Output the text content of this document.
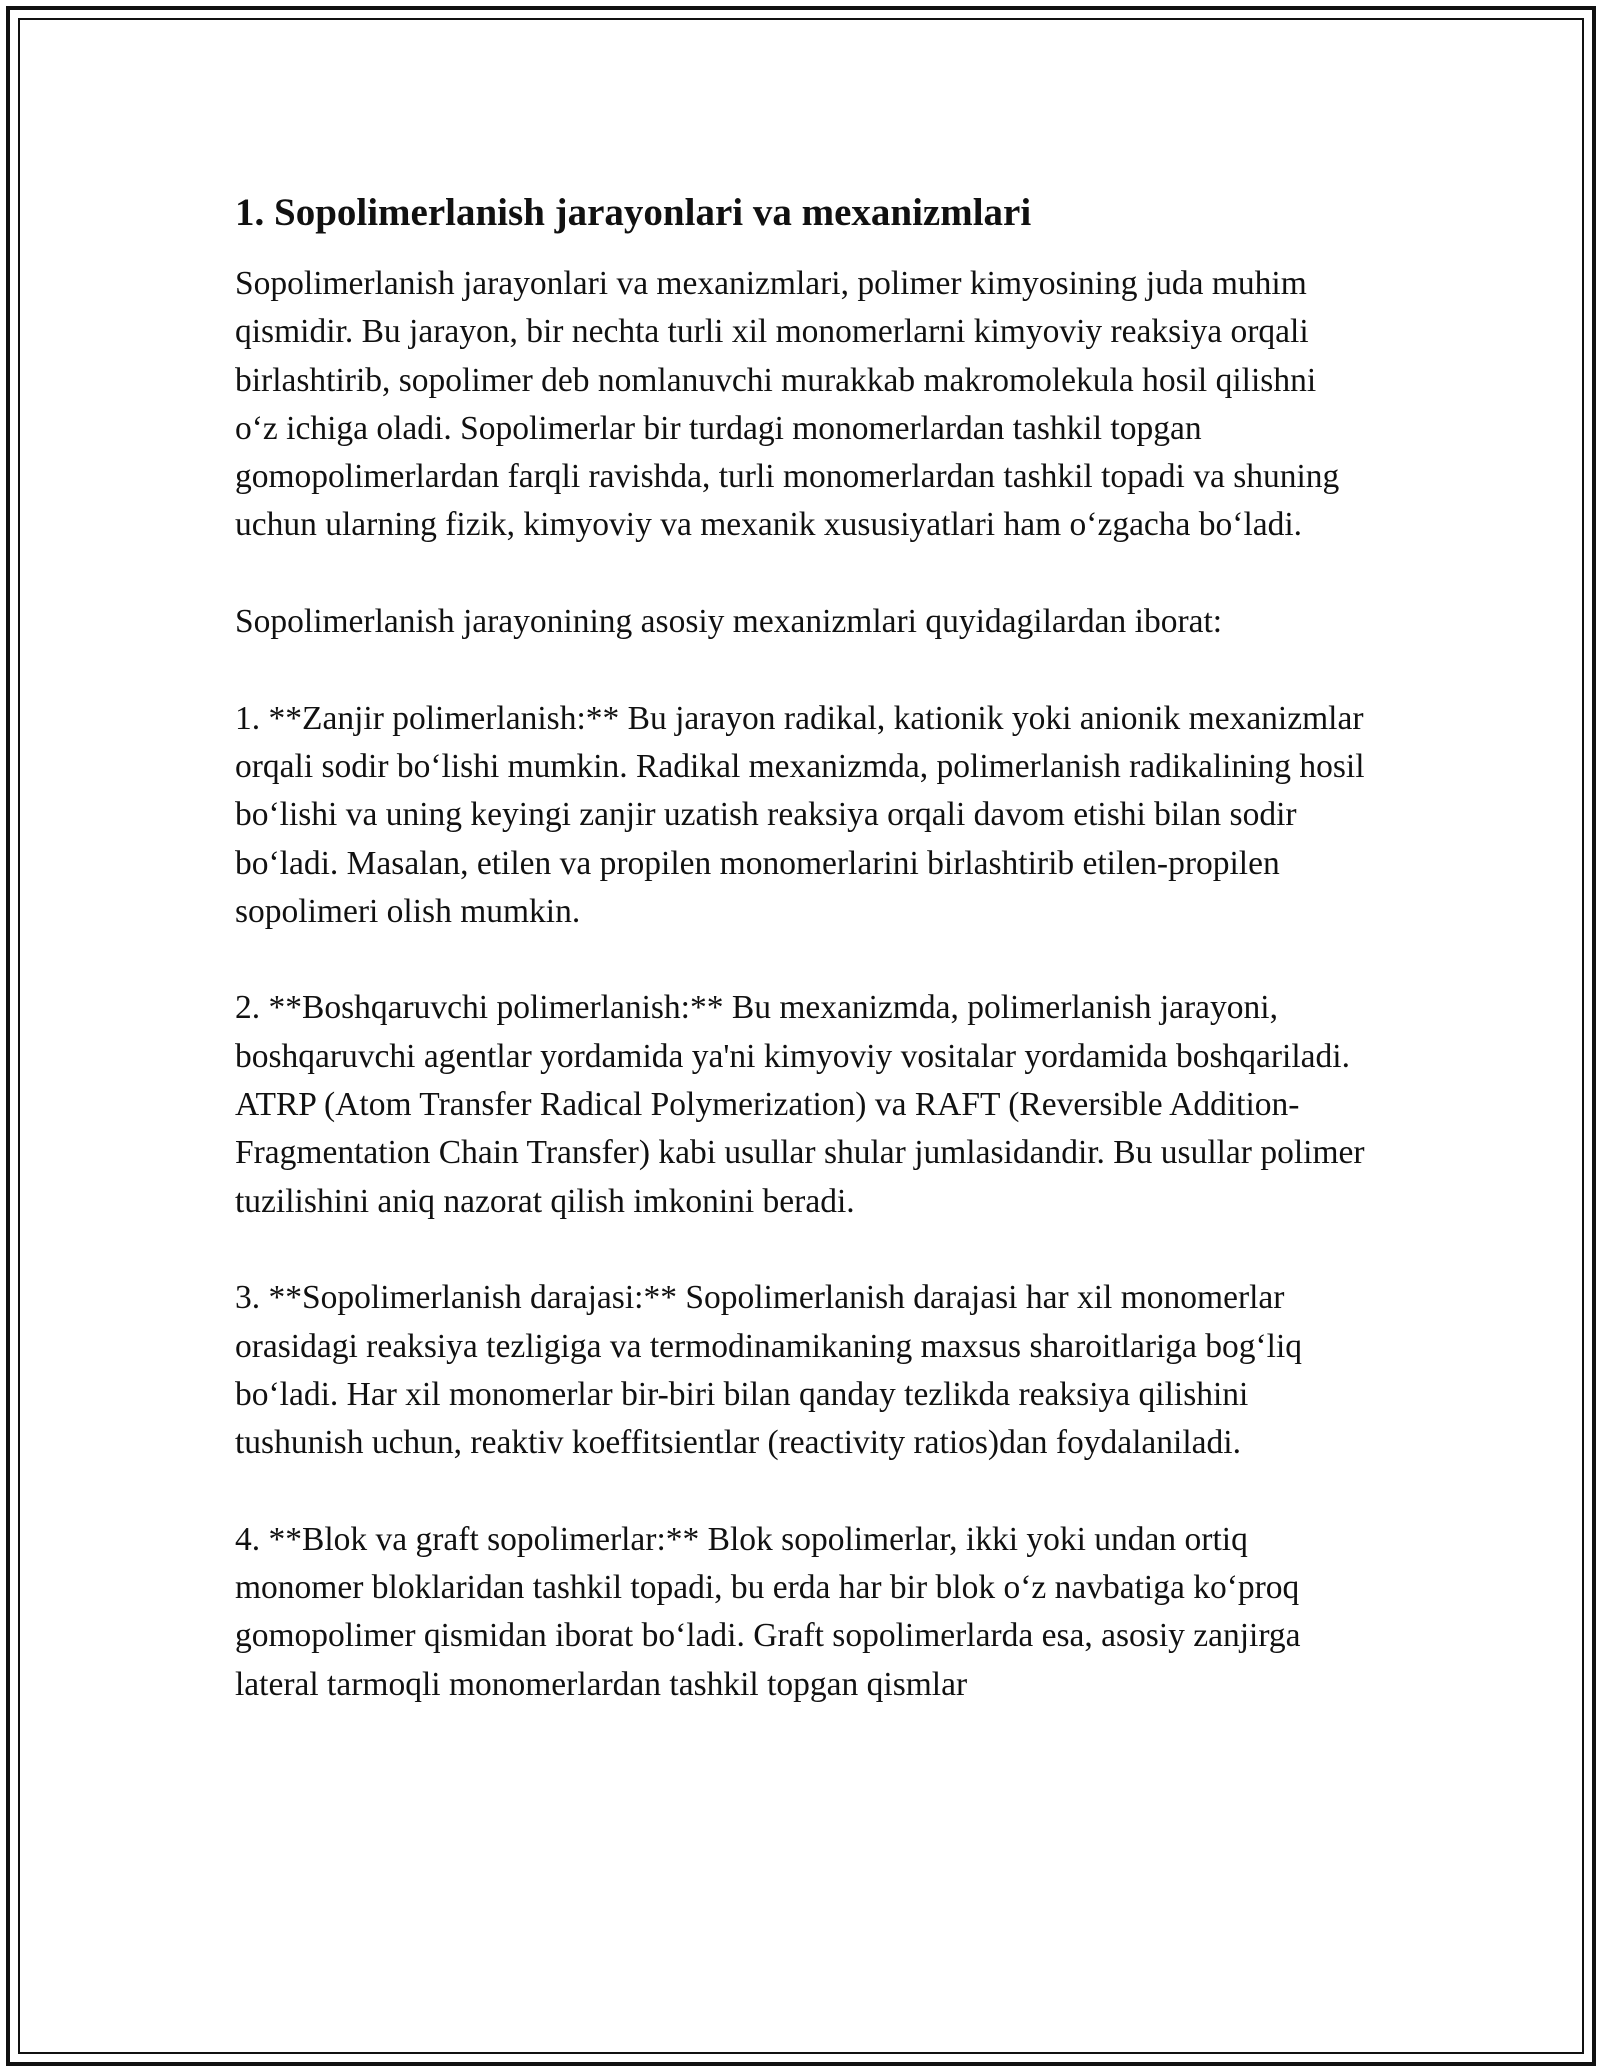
1. Sopolimerlanish jarayonlari va mexanizmlari

Sopolimerlanish jarayonlari va mexanizmlari, polimer kimyosining juda muhim qismidir. Bu jarayon, bir nechta turli xil monomerlarni kimyoviy reaksiya orqali birlashtirib, sopolimer deb nomlanuvchi murakkab makromolekula hosil qilishni o‘z ichiga oladi. Sopolimerlar bir turdagi monomerlardan tashkil topgan gomopolimerlardan farqli ravishda, turli monomerlardan tashkil topadi va shuning uchun ularning fizik, kimyoviy va mexanik xususiyatlari ham o‘zgacha bo‘ladi.

Sopolimerlanish jarayonining asosiy mexanizmlari quyidagilardan iborat:

1. **Zanjir polimerlanish:** Bu jarayon radikal, kationik yoki anionik mexanizmlar orqali sodir bo‘lishi mumkin. Radikal mexanizmda, polimerlanish radikalining hosil bo‘lishi va uning keyingi zanjir uzatish reaksiya orqali davom etishi bilan sodir bo‘ladi. Masalan, etilen va propilen monomerlarini birlashtirib etilen-propilen sopolimeri olish mumkin.

2. **Boshqaruvchi polimerlanish:** Bu mexanizmda, polimerlanish jarayoni, boshqaruvchi agentlar yordamida ya'ni kimyoviy vositalar yordamida boshqariladi. ATRP (Atom Transfer Radical Polymerization) va RAFT (Reversible Addition-Fragmentation Chain Transfer) kabi usullar shular jumlasidandir. Bu usullar polimer tuzilishini aniq nazorat qilish imkonini beradi.

3. **Sopolimerlanish darajasi:** Sopolimerlanish darajasi har xil monomerlar orasidagi reaksiya tezligiga va termodinamikaning maxsus sharoitlariga bog‘liq bo‘ladi. Har xil monomerlar bir-biri bilan qanday tezlikda reaksiya qilishini tushunish uchun, reaktiv koeffitsientlar (reactivity ratios)dan foydalaniladi.

4. **Blok va graft sopolimerlar:** Blok sopolimerlar, ikki yoki undan ortiq monomer bloklaridan tashkil topadi, bu erda har bir blok o‘z navbatiga ko‘proq gomopolimer qismidan iborat bo‘ladi. Graft sopolimerlarda esa, asosiy zanjirga lateral tarmoqli monomerlardan tashkil topgan qismlar
